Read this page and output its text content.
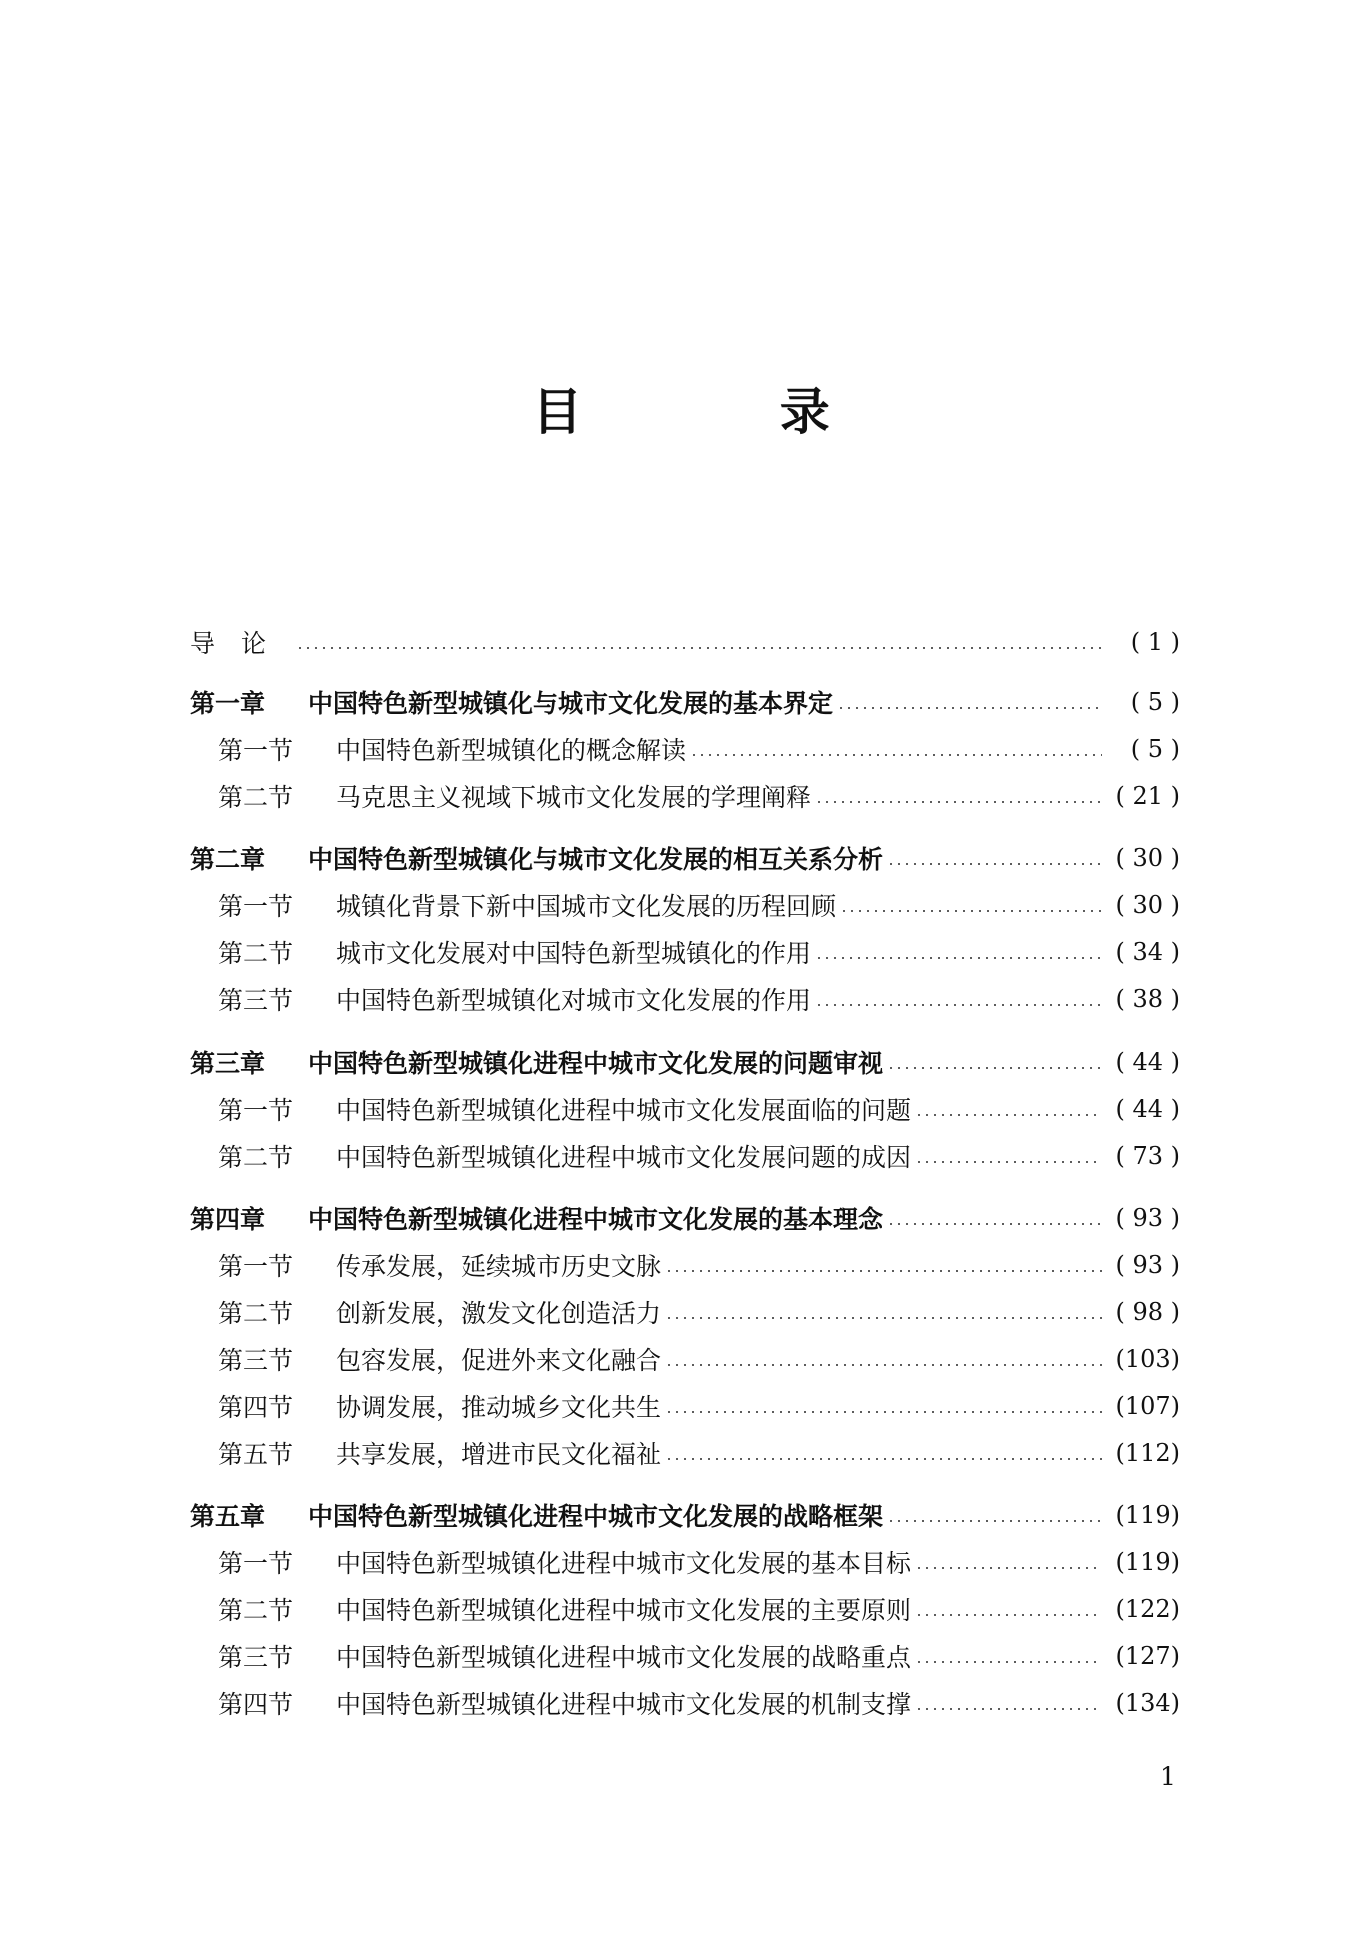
目 录
导论	( 1 )
第一章	中国特色新型城镇化与城市文化发展的基本界定	( 5 )
第一节	中国特色新型城镇化的概念解读	( 5 )
第二节	马克思主义视域下城市文化发展的学理阐释	( 21 )
第二章	中国特色新型城镇化与城市文化发展的相互关系分析	( 30 )
第一节	城镇化背景下新中国城市文化发展的历程回顾	( 30 )
第二节	城市文化发展对中国特色新型城镇化的作用	( 34 )
第三节	中国特色新型城镇化对城市文化发展的作用	( 38 )
第三章	中国特色新型城镇化进程中城市文化发展的问题审视	( 44 )
第一节	中国特色新型城镇化进程中城市文化发展面临的问题	( 44 )
第二节	中国特色新型城镇化进程中城市文化发展问题的成因	( 73 )
第四章	中国特色新型城镇化进程中城市文化发展的基本理念	( 93 )
第一节	传承发展，延续城市历史文脉	( 93 )
第二节	创新发展，激发文化创造活力	( 98 )
第三节	包容发展，促进外来文化融合	(103)
第四节	协调发展，推动城乡文化共生	(107)
第五节	共享发展，增进市民文化福祉	(112)
第五章	中国特色新型城镇化进程中城市文化发展的战略框架	(119)
第一节	中国特色新型城镇化进程中城市文化发展的基本目标	(119)
第二节	中国特色新型城镇化进程中城市文化发展的主要原则	(122)
第三节	中国特色新型城镇化进程中城市文化发展的战略重点	(127)
第四节	中国特色新型城镇化进程中城市文化发展的机制支撑	(134)
1
